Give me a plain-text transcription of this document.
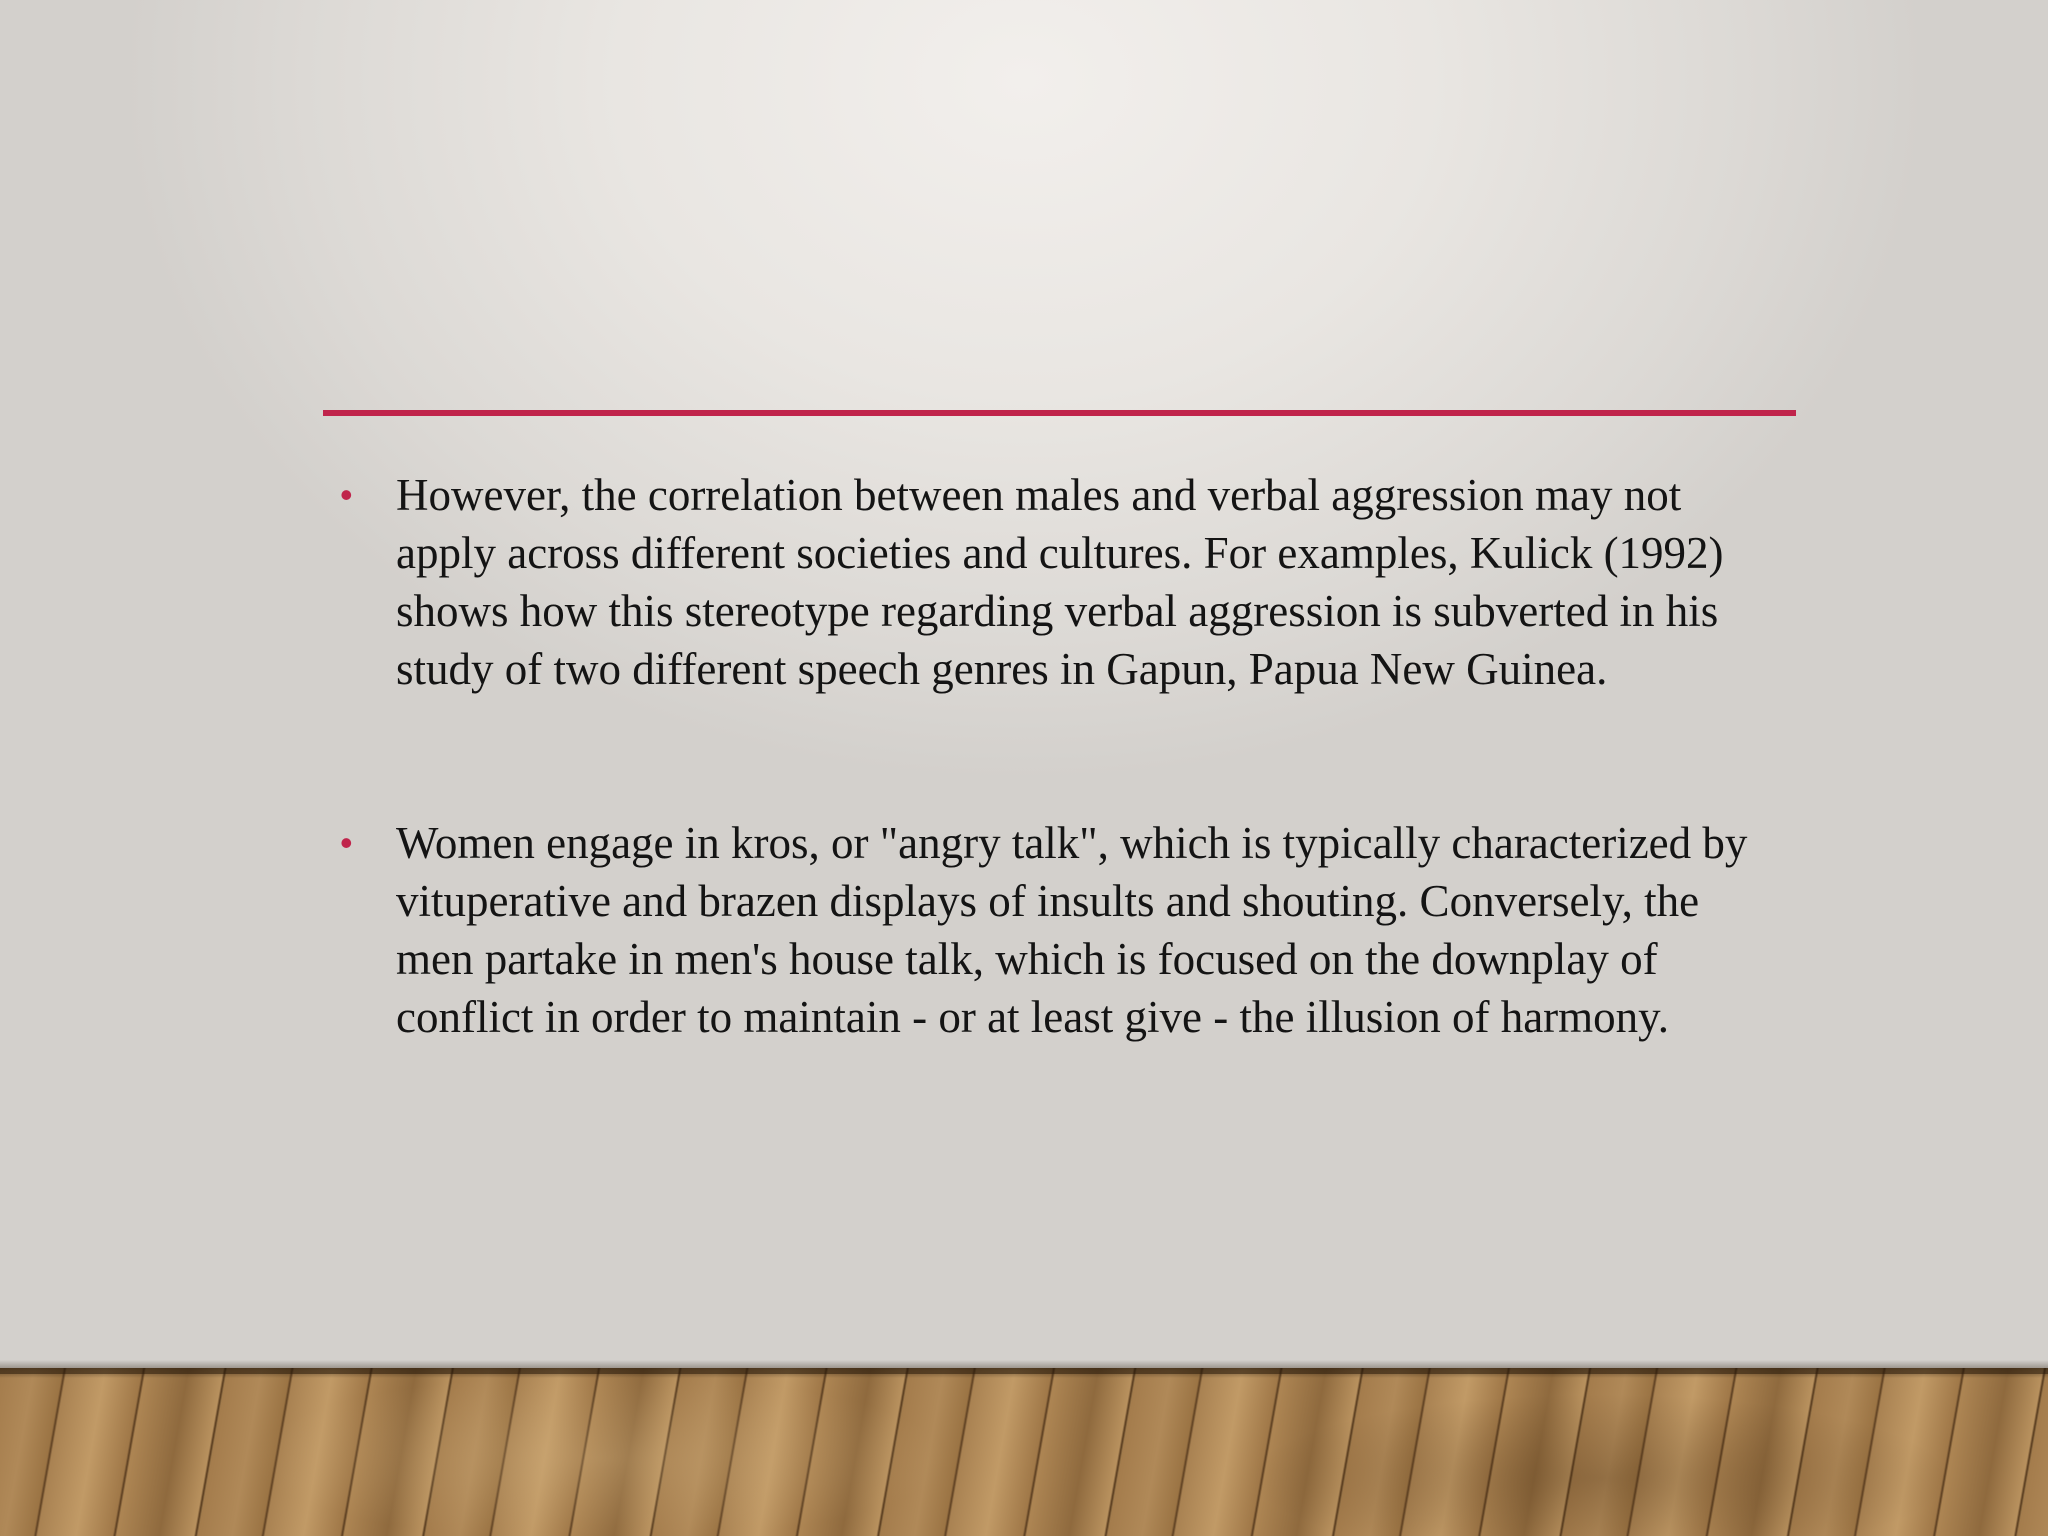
• However, the correlation between males and verbal aggression may not apply across different societies and cultures. For examples, Kulick (1992) shows how this stereotype regarding verbal aggression is subverted in his study of two different speech genres in Gapun, Papua New Guinea.
• Women engage in kros, or "angry talk", which is typically characterized by vituperative and brazen displays of insults and shouting. Conversely, the men partake in men's house talk, which is focused on the downplay of conflict in order to maintain - or at least give - the illusion of harmony.
